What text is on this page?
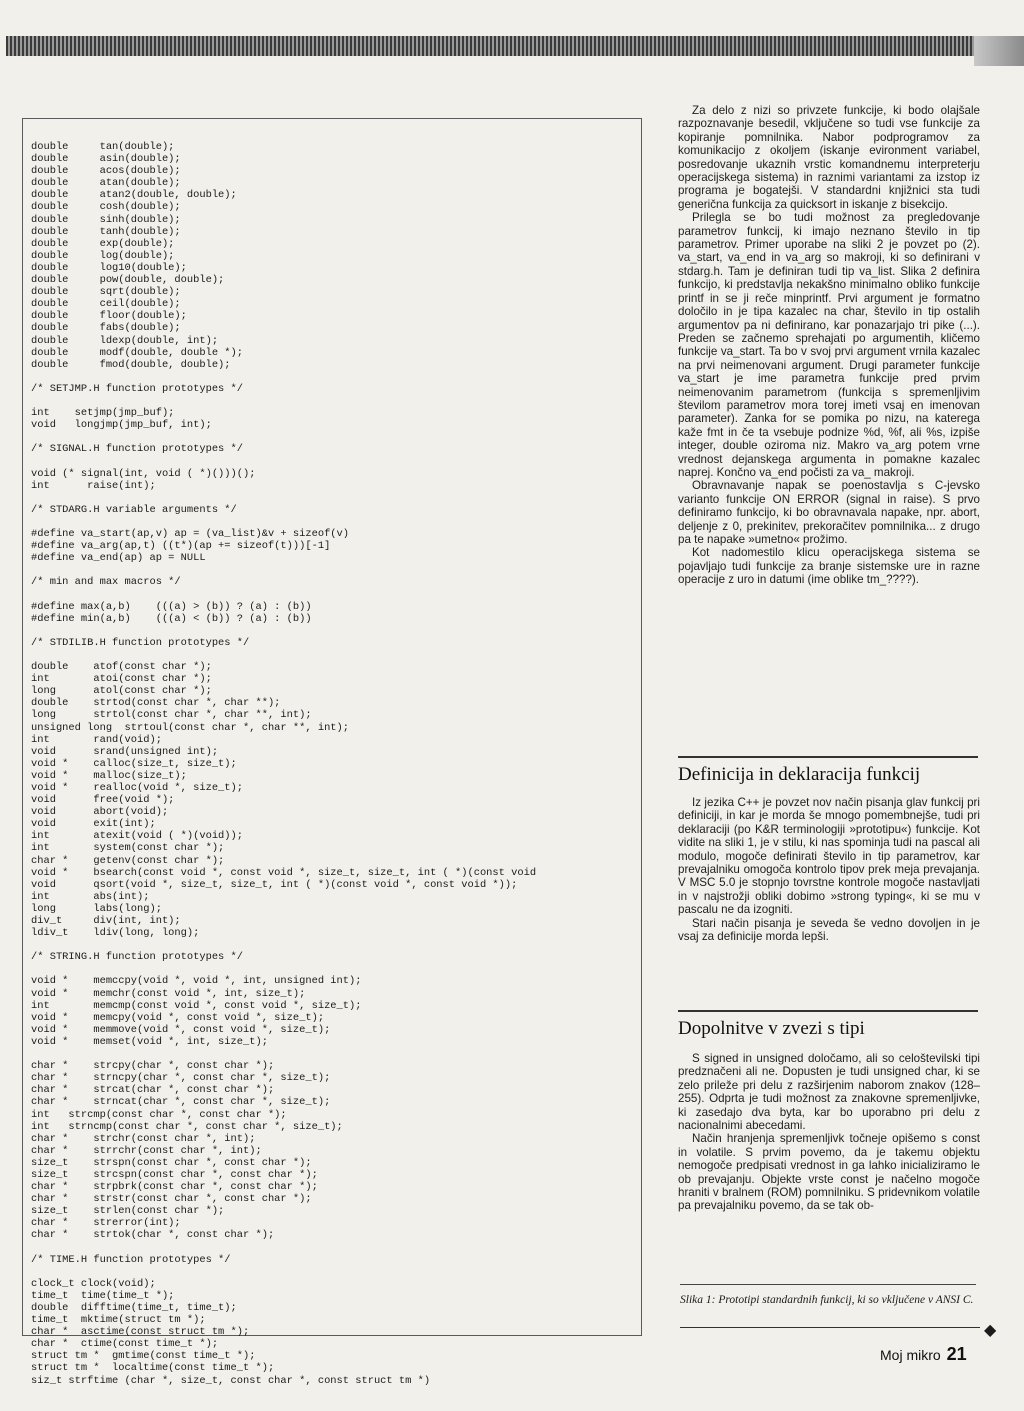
double     tan(double);
double     asin(double);
double     acos(double);
double     atan(double);
double     atan2(double, double);
double     cosh(double);
double     sinh(double);
double     tanh(double);
double     exp(double);
double     log(double);
double     log10(double);
double     pow(double, double);
double     sqrt(double);
double     ceil(double);
double     floor(double);
double     fabs(double);
double     ldexp(double, int);
double     modf(double, double *);
double     fmod(double, double);

/* SETJMP.H function prototypes */

int    setjmp(jmp_buf);
void   longjmp(jmp_buf, int);

/* SIGNAL.H function prototypes */

void (* signal(int, void ( *)()))();
int      raise(int);

/* STDARG.H variable arguments */

#define va_start(ap,v) ap = (va_list)&v + sizeof(v)
#define va_arg(ap,t) ((t*)(ap += sizeof(t)))[-1]
#define va_end(ap) ap = NULL

/* min and max macros */

#define max(a,b)    (((a) > (b)) ? (a) : (b))
#define min(a,b)    (((a) < (b)) ? (a) : (b))

/* STDILIB.H function prototypes */

double    atof(const char *);
int       atoi(const char *);
long      atol(const char *);
double    strtod(const char *, char **);
long      strtol(const char *, char **, int);
unsigned long  strtoul(const char *, char **, int);
int       rand(void);
void      srand(unsigned int);
void *    calloc(size_t, size_t);
void *    malloc(size_t);
void *    realloc(void *, size_t);
void      free(void *);
void      abort(void);
void      exit(int);
int       atexit(void ( *)(void));
int       system(const char *);
char *    getenv(const char *);
void *    bsearch(const void *, const void *, size_t, size_t, int ( *)(const void
void      qsort(void *, size_t, size_t, int ( *)(const void *, const void *));
int       abs(int);
long      labs(long);
div_t     div(int, int);
ldiv_t    ldiv(long, long);

/* STRING.H function prototypes */

void *    memccpy(void *, void *, int, unsigned int);
void *    memchr(const void *, int, size_t);
int       memcmp(const void *, const void *, size_t);
void *    memcpy(void *, const void *, size_t);
void *    memmove(void *, const void *, size_t);
void *    memset(void *, int, size_t);

char *    strcpy(char *, const char *);
char *    strncpy(char *, const char *, size_t);
char *    strcat(char *, const char *);
char *    strncat(char *, const char *, size_t);
int   strcmp(const char *, const char *);
int   strncmp(const char *, const char *, size_t);
char *    strchr(const char *, int);
char *    strrchr(const char *, int);
size_t    strspn(const char *, const char *);
size_t    strcspn(const char *, const char *);
char *    strpbrk(const char *, const char *);
char *    strstr(const char *, const char *);
size_t    strlen(const char *);
char *    strerror(int);
char *    strtok(char *, const char *);

/* TIME.H function prototypes */

clock_t clock(void);
time_t  time(time_t *);
double  difftime(time_t, time_t);
time_t  mktime(struct tm *);
char *  asctime(const struct tm *);
char *  ctime(const time_t *);
struct tm *  gmtime(const time_t *);
struct tm *  localtime(const time_t *);
siz_t strftime (char *, size_t, const char *, const struct tm *)

Za delo z nizi so privzete funkcije, ki bodo olajšale razpoznavanje besedil, vključene so tudi vse funkcije za kopiranje pomnilnika. Nabor podprogramov za komunikacijo z okoljem (iskanje evironment variabel, posredovanje ukaznih vrstic komandnemu interpreterju operacijskega sistema) in raznimi variantami za izstop iz programa je bogatejši. V standardni knjižnici sta tudi generična funkcija za quicksort in iskanje z bisekcijo.

Prilegla se bo tudi možnost za pregledovanje parametrov funkcij, ki imajo neznano število in tip parametrov. Primer uporabe na sliki 2 je povzet po (2). va_start, va_end in va_arg so makroji, ki so definirani v stdarg.h. Tam je definiran tudi tip va_list. Slika 2 definira funkcijo, ki predstavlja nekakšno minimalno obliko funkcije printf in se ji reče minprintf. Prvi argument je formatno določilo in je tipa kazalec na char, število in tip ostalih argumentov pa ni definirano, kar ponazarjajo tri pike (...). Preden se začnemo sprehajati po argumentih, kličemo funkcije va_start. Ta bo v svoj prvi argument vrnila kazalec na prvi neimenovani argument. Drugi parameter funkcije va_start je ime parametra funkcije pred prvim neimenovanim parametrom (funkcija s spremenljivim številom parametrov mora torej imeti vsaj en imenovan parameter). Zanka for se pomika po nizu, na katerega kaže fmt in če ta vsebuje podnize %d, %f, ali %s, izpiše integer, double oziroma niz. Makro va_arg potem vrne vrednost dejanskega argumenta in pomakne kazalec naprej. Končno va_end počisti za va_ makroji.

Obravnavanje napak se poenostavlja s C-jevsko varianto funkcije ON ERROR (signal in raise). S prvo definiramo funkcijo, ki bo obravnavala napake, npr. abort, deljenje z 0, prekinitev, prekoračitev pomnilnika... z drugo pa te napake »umetno« prožimo.

Kot nadomestilo klicu operacijskega sistema se pojavljajo tudi funkcije za branje sistemske ure in razne operacije z uro in datumi (ime oblike tm_????).

Definicija in deklaracija funkcij

Iz jezika C++ je povzet nov način pisanja glav funkcij pri definiciji, in kar je morda še mnogo pomembnejše, tudi pri deklaraciji (po K&R terminologiji »prototipu«) funkcije. Kot vidite na sliki 1, je v stilu, ki nas spominja tudi na pascal ali modulo, mogoče definirati število in tip parametrov, kar prevajalniku omogoča kontrolo tipov prek meja prevajanja. V MSC 5.0 je stopnjo tovrstne kontrole mogoče nastavljati in v najstrožji obliki dobimo »strong typing«, ki se mu v pascalu ne da izogniti.

Stari način pisanja je seveda še vedno dovoljen in je vsaj za definicije morda lepši.

Dopolnitve v zvezi s tipi

S signed in unsigned določamo, ali so celoštevilski tipi predznačeni ali ne. Dopusten je tudi unsigned char, ki se zelo prileže pri delu z razširjenim naborom znakov (128–255). Odprta je tudi možnost za znakovne spremenljivke, ki zasedajo dva byta, kar bo uporabno pri delu z nacionalnimi abecedami.

Način hranjenja spremenljivk točneje opišemo s const in volatile. S prvim povemo, da je takemu objektu nemogoče predpisati vrednost in ga lahko inicializiramo le ob prevajanju. Objekte vrste const je načelno mogoče hraniti v bralnem (ROM) pomnilniku. S pridevnikom volatile pa prevajalniku povemo, da se tak ob-

Slika 1: Prototipi standardnih funkcij, ki so vključene v ANSI C.
◆
Moj mikro 21
